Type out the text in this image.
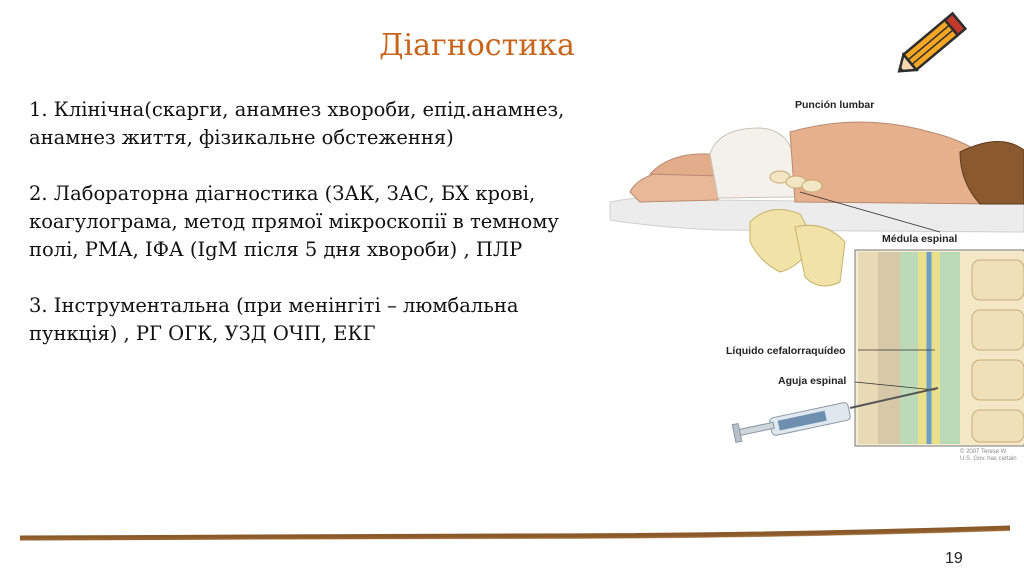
Діагностика

1. Клінічна(скарги, анамнез хвороби, епід.анамнез, анамнез життя, фізикальне обстеження)

2. Лабораторна діагностика (ЗАК, ЗАС, БХ крові, коагулограма, метод прямої мікроскопії в темному полі, РМА, ІФА (IgM після 5 дня хвороби) , ПЛР

3. Інструментальна (при менінгіті – люмбальна пункція) , РГ ОГК, УЗД ОЧП, ЕКГ

Punción lumbar
Médula espinal
Líquido cefalorraquídeo
Aguja espinal
© 2007 Terese W
U.S. Gov. has certain
19
